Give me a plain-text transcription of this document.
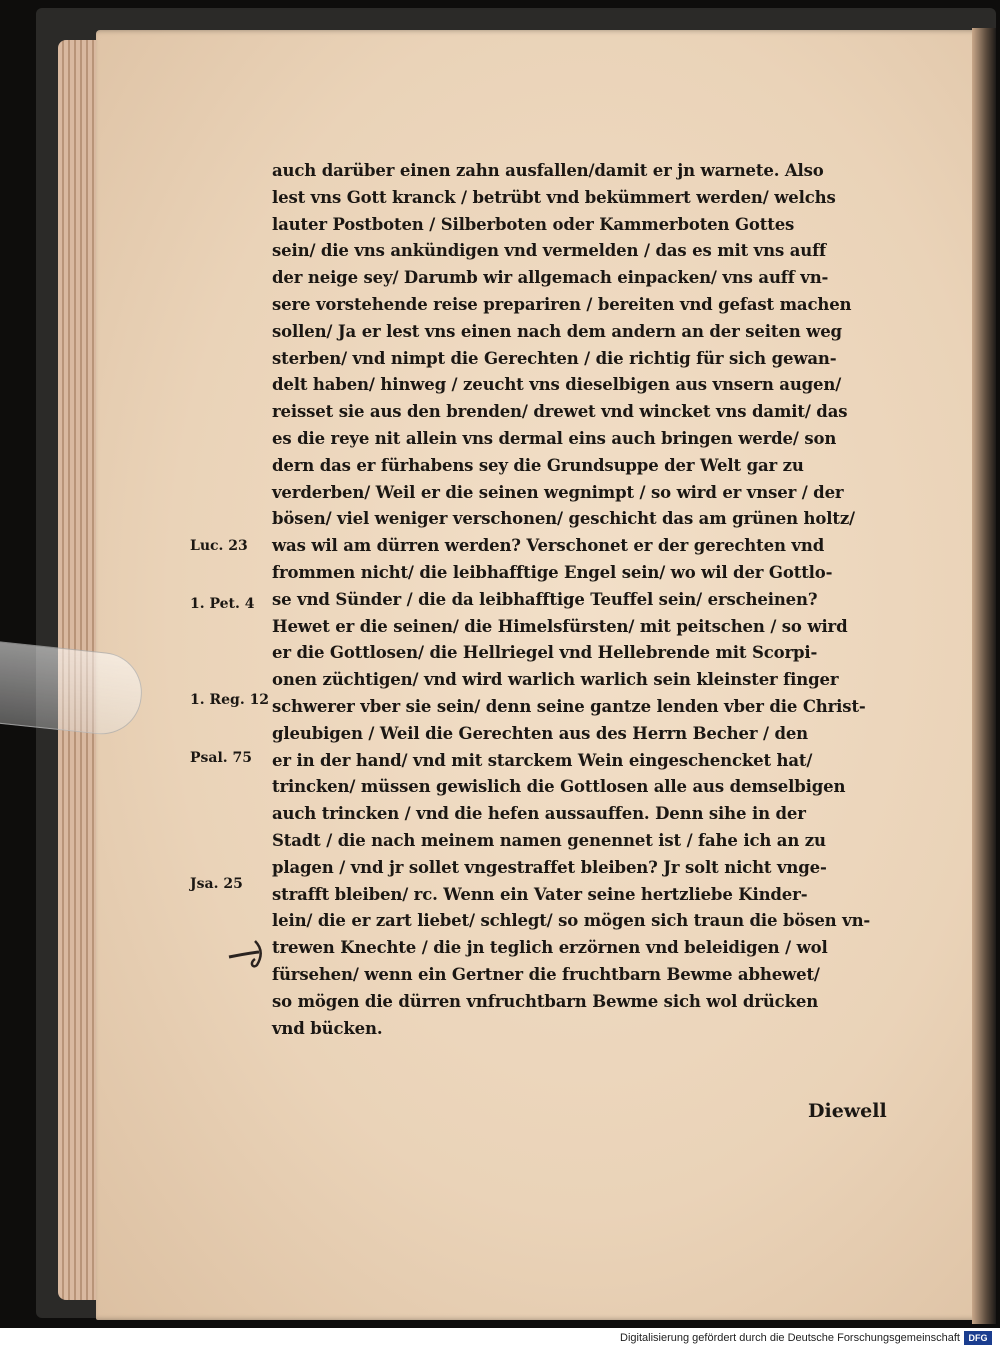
auch darüber einen zahn ausfallen/damit er jn warnete. Also
lest vns Gott kranck / betrübt vnd bekümmert werden/ welchs
lauter Postboten / Silberboten oder Kammerboten Gottes
sein/ die vns ankündigen vnd vermelden / das es mit vns auff
der neige sey/ Darumb wir allgemach einpacken/ vns auff vn-
sere vorstehende reise prepariren / bereiten vnd gefast machen
sollen/ Ja er lest vns einen nach dem andern an der seiten weg
sterben/ vnd nimpt die Gerechten / die richtig für sich gewan-
delt haben/ hinweg / zeucht vns dieselbigen aus vnsern augen/
reisset sie aus den brenden/ drewet vnd wincket vns damit/ das
es die reye nit allein vns dermal eins auch bringen werde/ son
dern das er fürhabens sey die Grundsuppe der Welt gar zu
verderben/ Weil er die seinen wegnimpt / so wird er vnser / der
bösen/ viel weniger verschonen/ geschicht das am grünen holtz/
was wil am dürren werden? Verschonet er der gerechten vnd
frommen nicht/ die leibhafftige Engel sein/ wo wil der Gottlo-
se vnd Sünder / die da leibhafftige Teuffel sein/ erscheinen?
Hewet er die seinen/ die Himelsfürsten/ mit peitschen / so wird
er die Gottlosen/ die Hellriegel vnd Hellebrende mit Scorpi-
onen züchtigen/ vnd wird warlich warlich sein kleinster finger
schwerer vber sie sein/ denn seine gantze lenden vber die Christ-
gleubigen / Weil die Gerechten aus des Herrn Becher / den
er in der hand/ vnd mit starckem Wein eingeschencket hat/
trincken/ müssen gewislich die Gottlosen alle aus demselbigen
auch trincken / vnd die hefen aussauffen. Denn sihe in der
Stadt / die nach meinem namen genennet ist / fahe ich an zu
plagen / vnd jr sollet vngestraffet bleiben? Jr solt nicht vnge-
strafft bleiben/ rc. Wenn ein Vater seine hertzliebe Kinder-
lein/ die er zart liebet/ schlegt/ so mögen sich traun die bösen vn-
trewen Knechte / die jn teglich erzörnen vnd beleidigen / wol
fürsehen/ wenn ein Gertner die fruchtbarn Bewme abhewet/
so mögen die dürren vnfruchtbarn Bewme sich wol drücken
vnd bücken.
Luc. 23
1. Pet. 4
1. Reg. 12
Psal. 75
Jsa. 25
Diewell
Digitalisierung gefördert durch die Deutsche Forschungsgemeinschaft DFG
